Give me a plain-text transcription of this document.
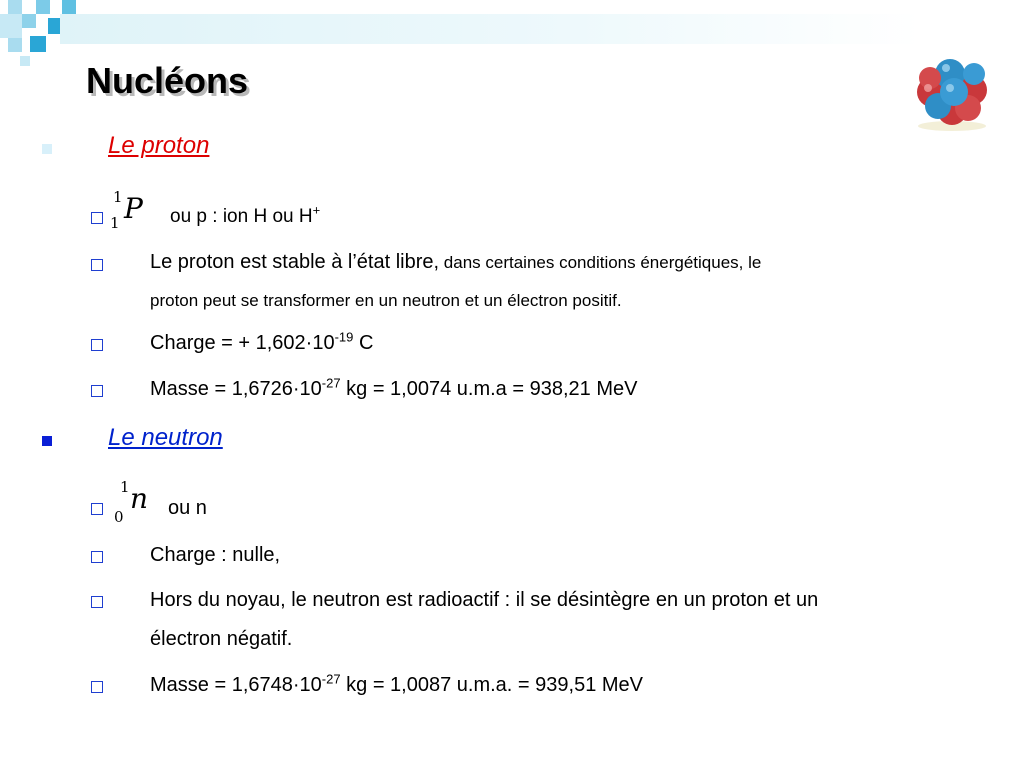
Nucléons
Le proton
1
1 P ou p : ion H ou H+
Le proton est stable à l’état libre, dans certaines conditions énergétiques, le
proton peut se transformer en un neutron et un électron positif.
Charge = + $1,602\cdot 10^{-19}$ C
Masse = $1,6726\cdot 10^{-27}$ kg = 1,0074 u.m.a = 938,21 MeV
Le neutron
1
0
n ou n
Charge : nulle,
Hors du noyau, le neutron est radioactif : il se désintègre en un proton et un
électron négatif.
Masse = $1,6748\cdot 10^{-27}$ kg = 1,0087 u.m.a. = 939,51 MeV
